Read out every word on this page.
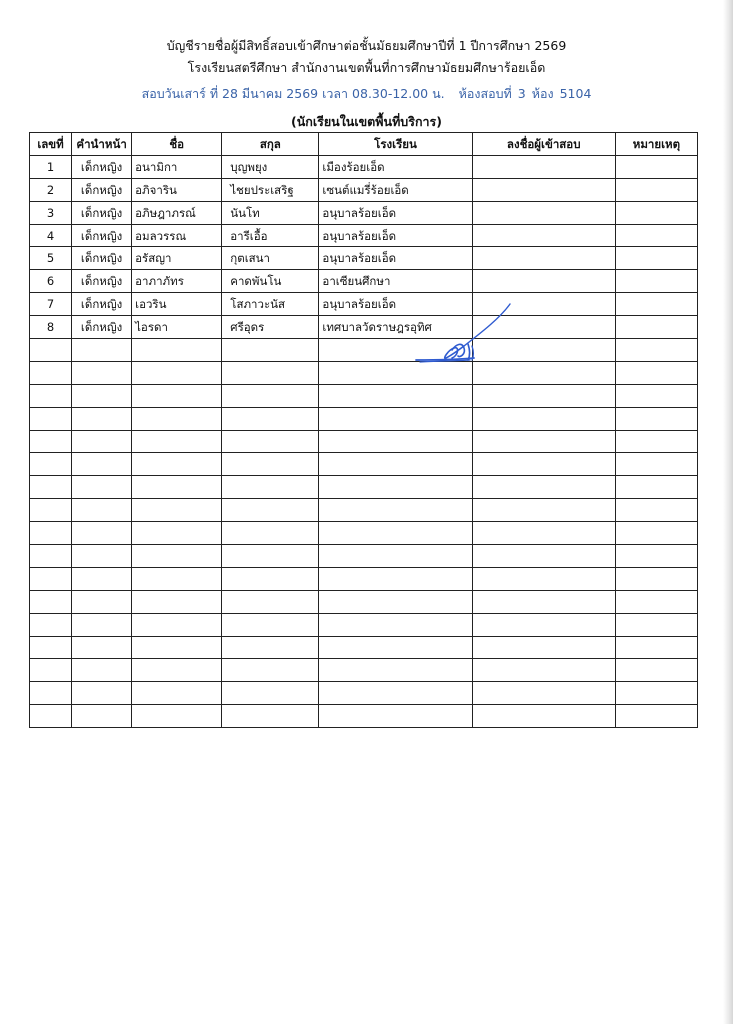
บัญชีรายชื่อผู้มีสิทธิ์สอบเข้าศึกษาต่อชั้นมัธยมศึกษาปีที่ 1 ปีการศึกษา 2569
โรงเรียนสตรีศึกษา สำนักงานเขตพื้นที่การศึกษามัธยมศึกษาร้อยเอ็ด
สอบวันเสาร์ ที่ 28 มีนาคม 2569 เวลา 08.30-12.00 น. ห้องสอบที่ 3 ห้อง 5104
(นักเรียนในเขตพื้นที่บริการ)
เลขที่	คำนำหน้า	ชื่อ	สกุล	โรงเรียน	ลงชื่อผู้เข้าสอบ	หมายเหตุ
1	เด็กหญิง	อนามิกา	บุญพยุง	เมืองร้อยเอ็ด		
2	เด็กหญิง	อภิจาริน	ไชยประเสริฐ	เซนต์แมรี่ร้อยเอ็ด		
3	เด็กหญิง	อภิษฎาภรณ์	นันโท	อนุบาลร้อยเอ็ด		
4	เด็กหญิง	อมลวรรณ	อารีเอื้อ	อนุบาลร้อยเอ็ด		
5	เด็กหญิง	อรัสญา	กุตเสนา	อนุบาลร้อยเอ็ด		
6	เด็กหญิง	อาภาภัทร	คาดพันโน	อาเซียนศึกษา		
7	เด็กหญิง	เอวริน	โสภาวะนัส	อนุบาลร้อยเอ็ด		
8	เด็กหญิง	ไอรดา	ศรีอุดร	เทศบาลวัดราษฎรอุทิศ		
